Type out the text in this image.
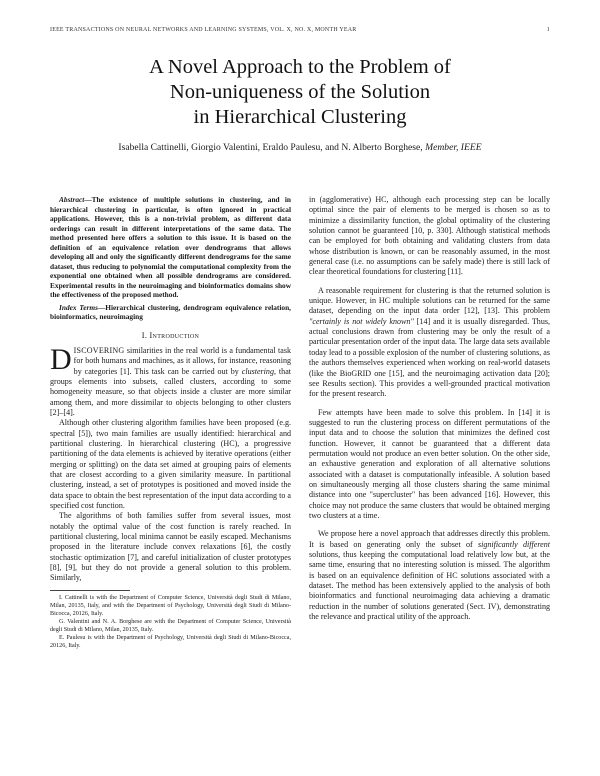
IEEE TRANSACTIONS ON NEURAL NETWORKS AND LEARNING SYSTEMS, VOL. X, NO. X, MONTH YEAR	1
A Novel Approach to the Problem of
Non-uniqueness of the Solution
in Hierarchical Clustering
Isabella Cattinelli, Giorgio Valentini, Eraldo Paulesu, and N. Alberto Borghese, Member, IEEE

Abstract—The existence of multiple solutions in clustering, and in hierarchical clustering in particular, is often ignored in practical applications. However, this is a non-trivial problem, as different data orderings can result in different interpretations of the same data. The method presented here offers a solution to this issue. It is based on the definition of an equivalence relation over dendrograms that allows developing all and only the significantly different dendrograms for the same dataset, thus reducing to polynomial the computational complexity from the exponential one obtained when all possible dendrograms are considered. Experimental results in the neuroimaging and bioinformatics domains show the effectiveness of the proposed method.

Index Terms—Hierarchical clustering, dendrogram equivalence relation, bioinformatics, neuroimaging

I. Introduction

DISCOVERING similarities in the real world is a fundamental task for both humans and machines, as it allows, for instance, reasoning by categories [1]. This task can be carried out by clustering, that groups elements into subsets, called clusters, according to some homogeneity measure, so that objects inside a cluster are more similar among them, and more dissimilar to objects belonging to other clusters [2]–[4].

Although other clustering algorithm families have been proposed (e.g. spectral [5]), two main families are usually identified: hierarchical and partitional clustering. In hierarchical clustering (HC), a progressive partitioning of the data elements is achieved by iterative operations (either merging or splitting) on the data set aimed at grouping pairs of elements that are closest according to a given similarity measure. In partitional clustering, instead, a set of prototypes is positioned and moved inside the data space to obtain the best representation of the input data according to a specified cost function.

The algorithms of both families suffer from several issues, most notably the optimal value of the cost function is rarely reached. In partitional clustering, local minima cannot be easily escaped. Mechanisms proposed in the literature include convex relaxations [6], the costly stochastic optimization [7], and careful initialization of cluster prototypes [8], [9], but they do not provide a general solution to this problem. Similarly,

I. Cattinelli is with the Department of Computer Science, Università degli Studi di Milano, Milan, 20135, Italy, and with the Department of Psychology, Università degli Studi di Milano-Bicocca, 20126, Italy.

G. Valentini and N. A. Borghese are with the Department of Computer Science, Università degli Studi di Milano, Milan, 20135, Italy.

E. Paulesu is with the Department of Psychology, Università degli Studi di Milano-Bicocca, 20126, Italy.

in (agglomerative) HC, although each processing step can be locally optimal since the pair of elements to be merged is chosen so as to minimize a dissimilarity function, the global optimality of the clustering solution cannot be guaranteed [10, p. 330]. Although statistical methods can be employed for both obtaining and validating clusters from data whose distribution is known, or can be reasonably assumed, in the most general case (i.e. no assumptions can be safely made) there is still lack of clear theoretical foundations for clustering [11].

A reasonable requirement for clustering is that the returned solution is unique. However, in HC multiple solutions can be returned for the same dataset, depending on the input data order [12], [13]. This problem "certainly is not widely known" [14] and it is usually disregarded. Thus, actual conclusions drawn from clustering may be only the result of a particular presentation order of the input data. The large data sets available today lead to a possible explosion of the number of clustering solutions, as the authors themselves experienced when working on real-world datasets (like the BioGRID one [15], and the neuroimaging activation data [20]; see Results section). This provides a well-grounded practical motivation for the present research.

Few attempts have been made to solve this problem. In [14] it is suggested to run the clustering process on different permutations of the input data and to choose the solution that minimizes the defined cost function. However, it cannot be guaranteed that a different data permutation would not produce an even better solution. On the other side, an exhaustive generation and exploration of all alternative solutions associated with a dataset is computationally infeasible. A solution based on simultaneously merging all those clusters sharing the same minimal distance into one "supercluster" has been advanced [16]. However, this choice may not produce the same clusters that would be obtained merging two clusters at a time.

We propose here a novel approach that addresses directly this problem. It is based on generating only the subset of significantly different solutions, thus keeping the computational load relatively low but, at the same time, ensuring that no interesting solution is missed. The algorithm is based on an equivalence definition of HC solutions associated with a dataset. The method has been extensively applied to the analysis of both bioinformatics and functional neuroimaging data achieving a dramatic reduction in the number of solutions generated (Sect. IV), demonstrating the relevance and practical utility of the approach.
